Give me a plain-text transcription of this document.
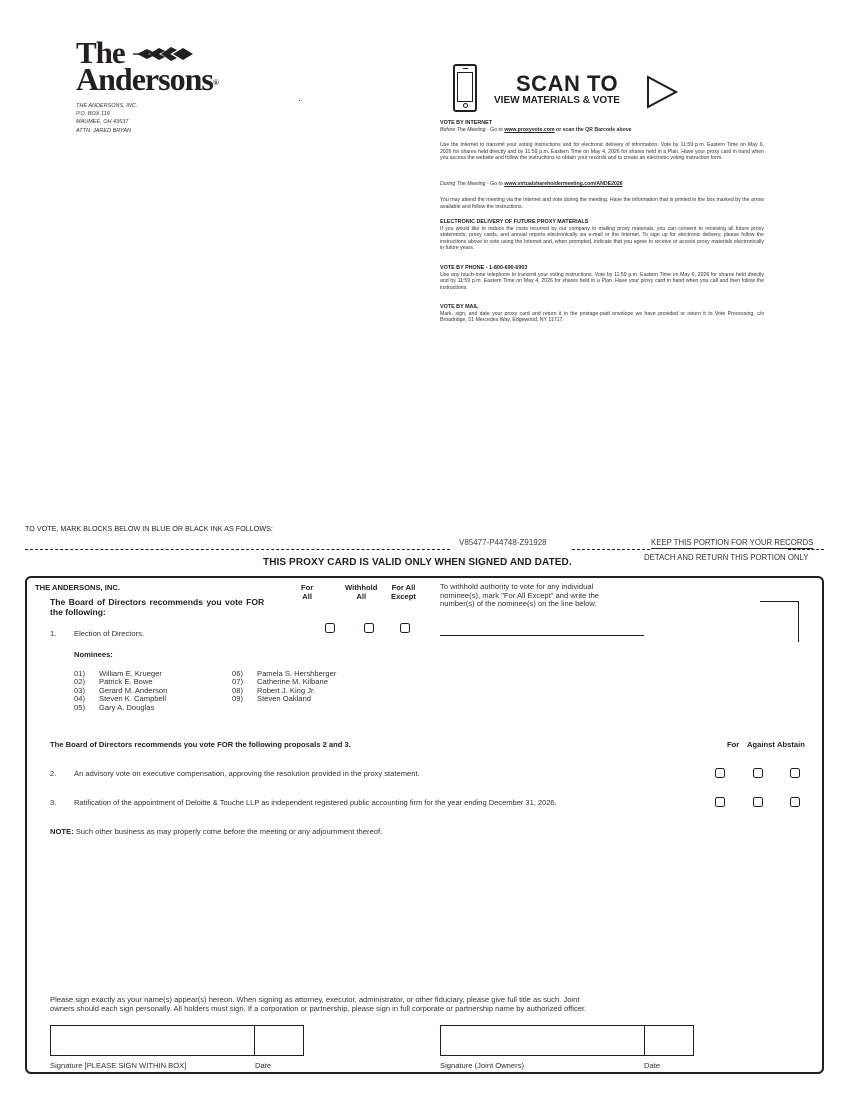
The
Andersons®
THE ANDERSONS, INC.
P.O. BOX 119
MAUMEE, OH 43537
ATTN: JARED BRYAN
SCAN TO
VIEW MATERIALS & VOTE

VOTE BY INTERNET

Before The Meeting - Go to www.proxyvote.com or scan the QR Barcode above

Use the Internet to transmit your voting instructions and for electronic delivery of information. Vote by 11:59 p.m. Eastern Time on May 6, 2026 for shares held directly and by 11:59 p.m. Eastern Time on May 4, 2026 for shares held in a Plan. Have your proxy card in hand when you access the website and follow the instructions to obtain your records and to create an electronic voting instruction form.
During The Meeting - Go to www.virtualshareholdermeeting.com/ANDE2026
You may attend the meeting via the Internet and vote during the meeting. Have the information that is printed in the box marked by the arrow available and follow the instructions.

ELECTRONIC DELIVERY OF FUTURE PROXY MATERIALS

If you would like to reduce the costs incurred by our company in mailing proxy materials, you can consent to receiving all future proxy statements, proxy cards, and annual reports electronically via e-mail or the Internet. To sign up for electronic delivery, please follow the instructions above to vote using the Internet and, when prompted, indicate that you agree to receive or access proxy materials electronically in future years.

VOTE BY PHONE - 1-800-690-6903

Use any touch-tone telephone to transmit your voting instructions. Vote by 11:59 p.m. Eastern Time on May 6, 2026 for shares held directly and by 11:59 p.m. Eastern Time on May 4, 2026 for shares held in a Plan. Have your proxy card in hand when you call and then follow the instructions.

VOTE BY MAIL

Mark, sign, and date your proxy card and return it in the postage-paid envelope we have provided or return it to Vote Processing, c/o Broadridge, 51 Mercedes Way, Edgewood, NY 11717.

TO VOTE, MARK BLOCKS BELOW IN BLUE OR BLACK INK AS FOLLOWS:
V85477-P44748-Z91928	KEEP THIS PORTION FOR YOUR RECORDS
DETACH AND RETURN THIS PORTION ONLY
THIS PROXY CARD IS VALID ONLY WHEN SIGNED AND DATED.
THE ANDERSONS, INC.
The Board of Directors recommends you vote FOR
the following:
For
All
Withhold
All
For All
Except
To withhold authority to vote for any individual
nominee(s), mark "For All Except" and write the
number(s) of the nominee(s) on the line below.
1. Election of Directors.
Nominees:
01) William E. Krueger
02) Patrick E. Bowe
03) Gerard M. Anderson
04) Steven K. Campbell
05) Gary A. Douglas
06) Pamela S. Hershberger
07) Catherine M. Kilbane
08) Robert J. King Jr.
09) Steven Oakland
The Board of Directors recommends you vote FOR the following proposals 2 and 3.	For Against Abstain
2. An advisory vote on executive compensation, approving the resolution provided in the proxy statement.
3. Ratification of the appointment of Deloitte & Touche LLP as independent registered public accounting firm for the year ending December 31, 2026.
NOTE: Such other business as may properly come before the meeting or any adjournment thereof.
Please sign exactly as your name(s) appear(s) hereon. When signing as attorney, executor, administrator, or other fiduciary, please give full title as such. Joint
owners should each sign personally. All holders must sign. If a corporation or partnership, please sign in full corporate or partnership name by authorized officer.
Signature [PLEASE SIGN WITHIN BOX]	Date	Signature (Joint Owners)	Date
